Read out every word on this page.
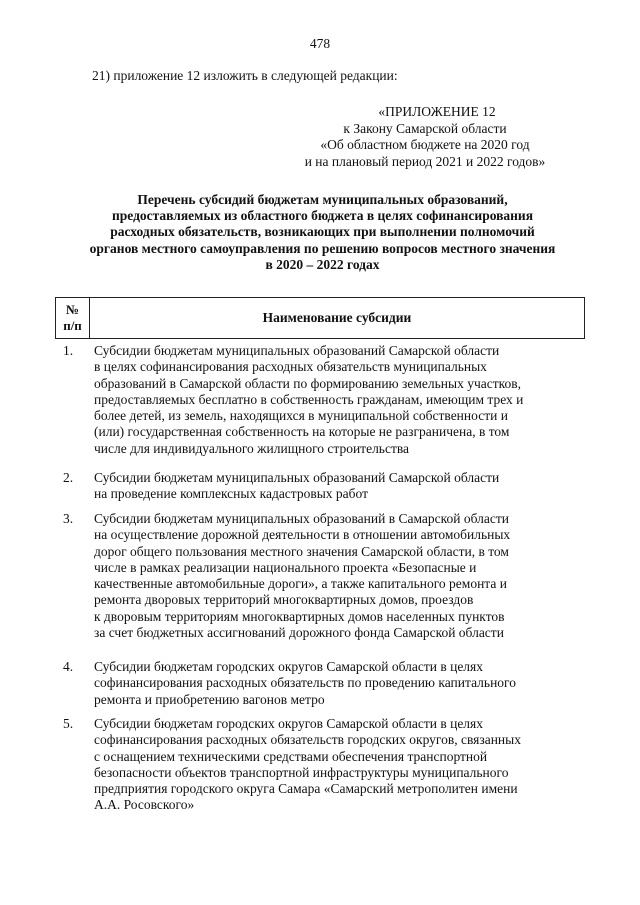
478
21) приложение 12 изложить в следующей редакции:
«ПРИЛОЖЕНИЕ 12
к Закону Самарской области
«Об областном бюджете на 2020 год
и на плановый период 2021 и 2022 годов»
Перечень субсидий бюджетам муниципальных образований,
предоставляемых из областного бюджета в целях софинансирования
расходных обязательств, возникающих при выполнении полномочий
органов местного самоуправления по решению вопросов местного значения
в 2020 – 2022 годах
№
п/п
Наименование субсидии
1. Субсидии бюджетам муниципальных образований Самарской области
в целях софинансирования расходных обязательств муниципальных
образований в Самарской области по формированию земельных участков,
предоставляемых бесплатно в собственность гражданам, имеющим трех и
более детей, из земель, находящихся в муниципальной собственности и
(или) государственная собственность на которые не разграничена, в том
числе для индивидуального жилищного строительства
2. Субсидии бюджетам муниципальных образований Самарской области
на проведение комплексных кадастровых работ
3. Субсидии бюджетам муниципальных образований в Самарской области
на осуществление дорожной деятельности в отношении автомобильных
дорог общего пользования местного значения Самарской области, в том
числе в рамках реализации национального проекта «Безопасные и
качественные автомобильные дороги», а также капитального ремонта и
ремонта дворовых территорий многоквартирных домов, проездов
к дворовым территориям многоквартирных домов населенных пунктов
за счет бюджетных ассигнований дорожного фонда Самарской области
4. Субсидии бюджетам городских округов Самарской области в целях
софинансирования расходных обязательств по проведению капитального
ремонта и приобретению вагонов метро
5. Субсидии бюджетам городских округов Самарской области в целях
софинансирования расходных обязательств городских округов, связанных
с оснащением техническими средствами обеспечения транспортной
безопасности объектов транспортной инфраструктуры муниципального
предприятия городского округа Самара «Самарский метрополитен имени
А.А. Росовского»
